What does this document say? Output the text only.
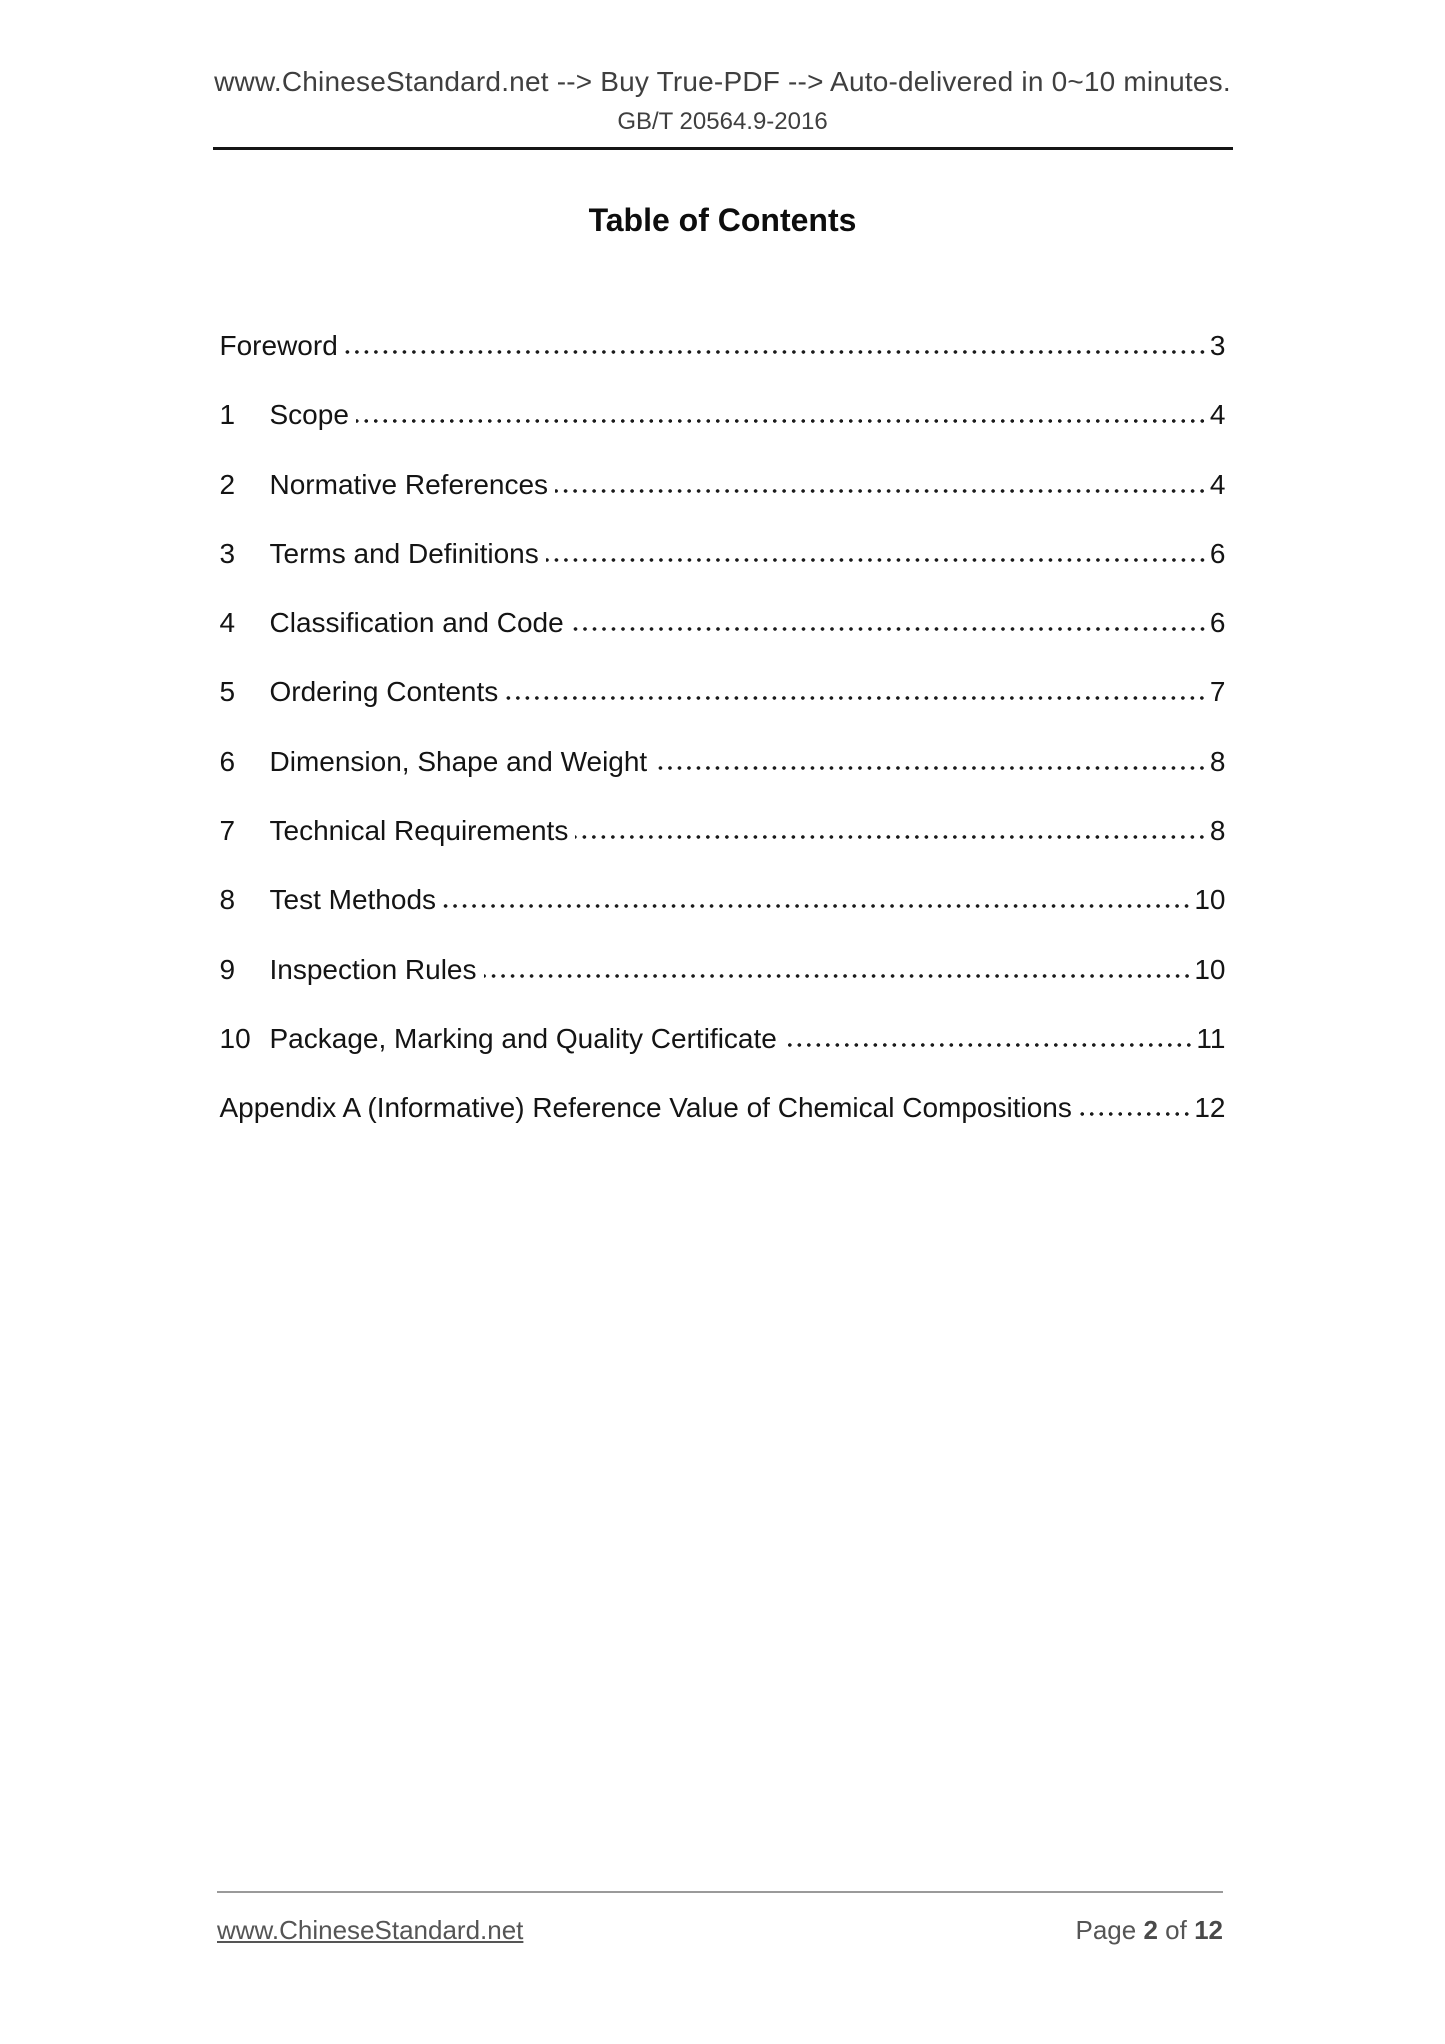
www.ChineseStandard.net --> Buy True-PDF --> Auto-delivered in 0~10 minutes.
GB/T 20564.9-2016
Table of Contents
Foreword	3
1	Scope	4
2	Normative References	4
3	Terms and Definitions	6
4	Classification and Code	6
5	Ordering Contents	7
6	Dimension, Shape and Weight	8
7	Technical Requirements	8
8	Test Methods	10
9	Inspection Rules	10
10 Package, Marking and Quality Certificate	11
Appendix A (Informative) Reference Value of Chemical Compositions	12
www.ChineseStandard.net	Page 2 of 12
